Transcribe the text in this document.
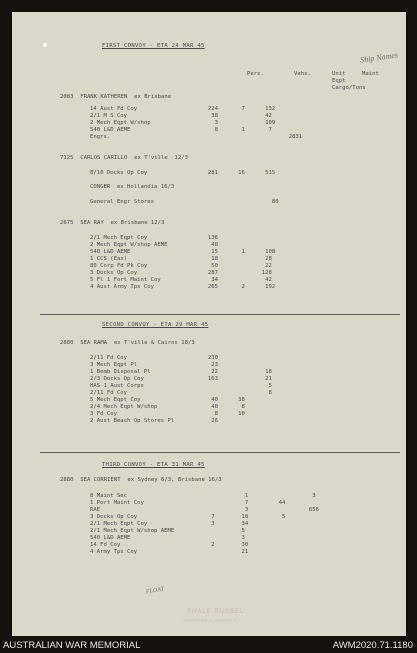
FIRST CONVOY - ETA 24 MAR 45
Ship Names
Pers.	Vehs.	Unit	Maint
Eqpt
Cargo/Tons
2083  FRANK KATHEREN  ex Brisbane
14 Aust Fd Coy                     224       7      132
2/1 M S Coy                         38              42
2 Mech Eqpt W/shop                   3              109
540 L&D AEME                         8       1       7
Engrs.                                                     2831
7125  CARLOS CARILLO  ex T'ville  12/3
8/10 Docks Op Coy                  281      16      515
CONGER  ex Hollandia 16/3
General Engr Stores                                   80
2675  SEA RAY  ex Brisbane 12/3
2/1 Mech Eqpt Coy                  136
2 Mech Eqpt W/shop AEME             48
540 L&D AEME                        15       1      108
1 CCS (Eas)                         18              28
80 Corp Fd Pk Coy                   50              22
3 Docks Op Coy                     287             128
5 Fl 1 Fort Maint Coy               34              42
4 Aust Army Tps Coy                265       2      192
SECOND CONVOY - ETA 29 MAR 45
2880  SEA RAMA  ex T'ville & Cairns 18/3
2/11 Fd Coy                        230
3 Mech Eqpt Pl                      23
1 Bomb Disposal Pl                  22              18
2/3 Docks Op Coy                   163              21
HAS 1 Aust Corps                                     5
2/11 Fd Coy                                          8
5 Mech Eqpt Coy                     40      38
2/4 Mech Eqpt W/shop                40       8
3 Fd Coy                             8      10
2 Aust Beach Op Stores Pl           26
THIRD CONVOY - ETA 31 MAR 45
2880  SEA CORRIENT  ex Sydney 6/3, Brisbane 16/3
8 Maint Sec                                   1                   3
1 Port Maint Coy                              7         44
RAE                                           3                  656
3 Docks Op Coy                      7        18          5
2/1 Mech Eqpt Coy                   3        34
2/1 Mech Eqpt W/shop AEME                    5
540 L&D AEME                                 3
14 Fd Coy                           2        30
4 Army Tps Coy                               21
FLOAT
SHALE RUSSEL
FURNITURE & CHATTELS
AUSTRALIAN WAR MEMORIAL	AWM2020.71.1180
